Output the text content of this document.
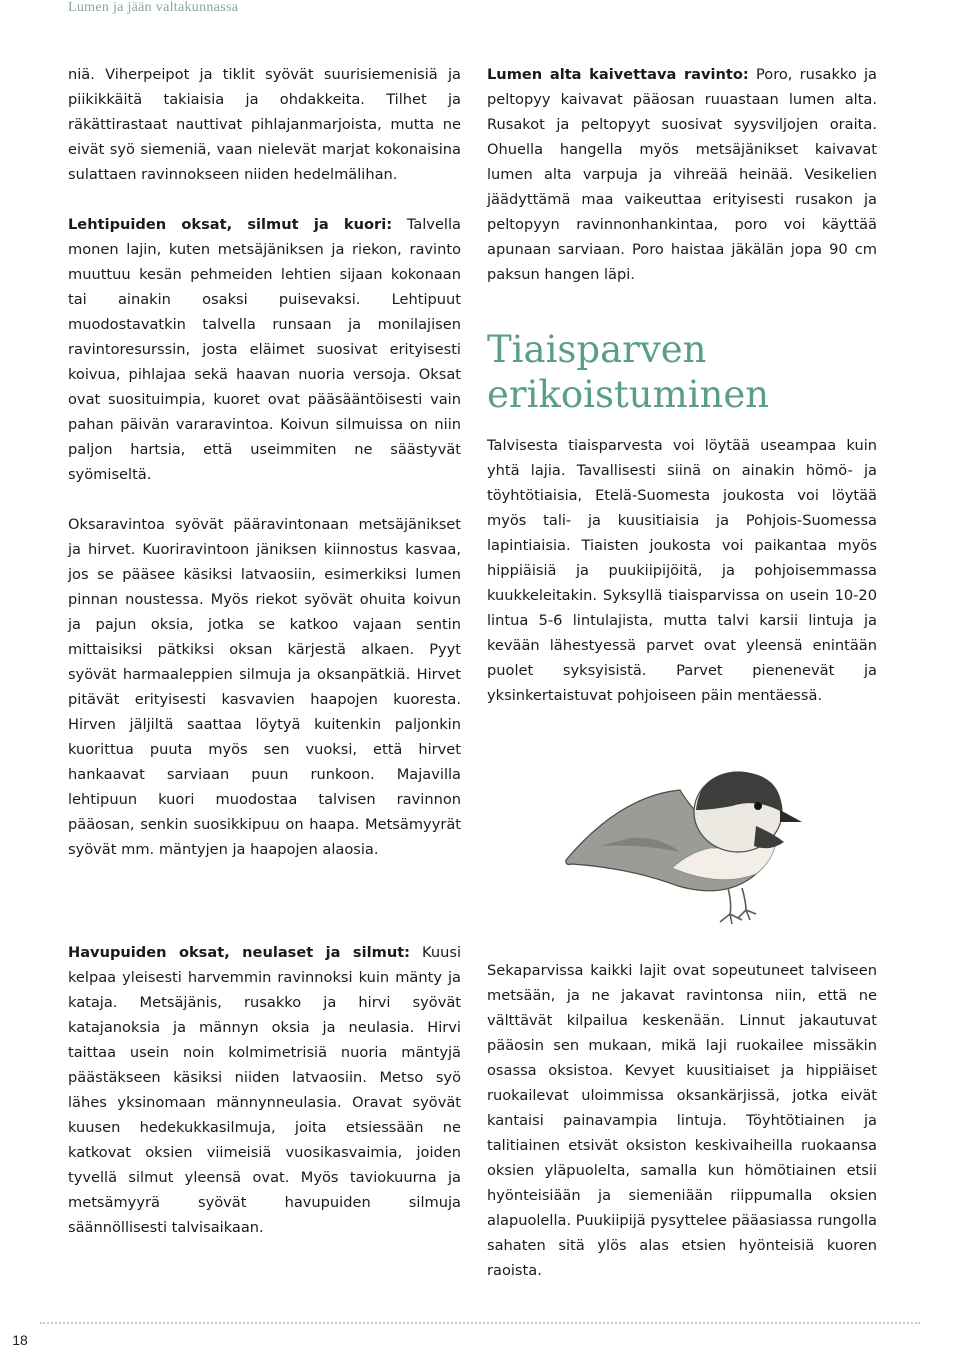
Lumen ja jään valtakunnassa

niä. Viherpeipot ja tiklit syövät suurisiemenisiä ja piikikkäitä takiaisia ja ohdakkeita. Tilhet ja räkättirastaat nauttivat pihlajanmarjoista, mutta ne eivät syö siemeniä, vaan nielevät marjat kokonaisina sulattaen ravinnokseen niiden hedelmälihan.

Lehtipuiden oksat, silmut ja kuori: Talvella monen lajin, kuten metsäjäniksen ja riekon, ravinto muuttuu kesän pehmeiden lehtien sijaan kokonaan tai ainakin osaksi puisevaksi. Lehtipuut muodostavatkin talvella runsaan ja monilajisen ravintoresurssin, josta eläimet suosivat erityisesti koivua, pihlajaa sekä haavan nuoria versoja. Oksat ovat suosituimpia, kuoret ovat pääsääntöisesti vain pahan päivän vararavintoa. Koivun silmuissa on niin paljon hartsia, että useimmiten ne säästyvät syömiseltä.

Oksaravintoa syövät pääravintonaan metsäjänikset ja hirvet. Kuoriravintoon jäniksen kiinnostus kasvaa, jos se pääsee käsiksi latvaosiin, esimerkiksi lumen pinnan noustessa. Myös riekot syövät ohuita koivun ja pajun oksia, jotka se katkoo vajaan sentin mittaisiksi pätkiksi oksan kärjestä alkaen. Pyyt syövät harmaaleppien silmuja ja oksanpätkiä. Hirvet pitävät erityisesti kasvavien haapojen kuoresta. Hirven jäljiltä saattaa löytyä kuitenkin paljonkin kuorittua puuta myös sen vuoksi, että hirvet hankaavat sarviaan puun runkoon. Majavilla lehtipuun kuori muodostaa talvisen ravinnon pääosan, senkin suosikkipuu on haapa. Metsämyyrät syövät mm. mäntyjen ja haapojen alaosia.

Havupuiden oksat, neulaset ja silmut: Kuusi kelpaa yleisesti harvemmin ravinnoksi kuin mänty ja kataja. Metsäjänis, rusakko ja hirvi syövät katajanoksia ja männyn oksia ja neulasia. Hirvi taittaa usein noin kolmimetrisiä nuoria mäntyjä päästäkseen käsiksi niiden latvaosiin. Metso syö lähes yksinomaan männynneulasia. Oravat syövät kuusen hedekukkasilmuja, joita etsiessään ne katkovat oksien viimeisiä vuosikasvaimia, joiden tyvellä silmut yleensä ovat. Myös taviokuurna ja metsämyyrä syövät havupuiden silmuja säännöllisesti talvisaikaan.

Lumen alta kaivettava ravinto: Poro, rusakko ja peltopyy kaivavat pääosan ruuastaan lumen alta. Rusakot ja peltopyyt suosivat syysviljojen oraita. Ohuella hangella myös metsäjänikset kaivavat lumen alta varpuja ja vihreää heinää. Vesikelien jäädyttämä maa vaikeuttaa erityisesti rusakon ja peltopyyn ravinnonhankintaa, poro voi käyttää apunaan sarviaan. Poro haistaa jäkälän jopa 90 cm paksun hangen läpi.

Tiaisparven
erikoistuminen

Talvisesta tiaisparvesta voi löytää useampaa kuin yhtä lajia. Tavallisesti siinä on ainakin hömö- ja töyhtötiaisia, Etelä-Suomesta joukosta voi löytää myös tali- ja kuusitiaisia ja Pohjois-Suomessa lapintiaisia. Tiaisten joukosta voi paikantaa myös hippiäisiä ja puukiipijöitä, ja pohjoisemmassa kuukkeleitakin. Syksyllä tiaisparvissa on usein 10-20 lintua 5-6 lintulajista, mutta talvi karsii lintuja ja kevään lähestyessä parvet ovat yleensä enintään puolet syksyisistä. Parvet pienenevät ja yksinkertaistuvat pohjoiseen päin mentäessä.

Sekaparvissa kaikki lajit ovat sopeutuneet talviseen metsään, ja ne jakavat ravintonsa niin, että ne välttävät kilpailua keskenään. Linnut jakautuvat pääosin sen mukaan, mikä laji ruokailee missäkin osassa oksistoa. Kevyet kuusitiaiset ja hippiäiset ruokailevat uloimmissa oksankärjissä, jotka eivät kantaisi painavampia lintuja. Töyhtötiainen ja talitiainen etsivät oksiston keskivaiheilla ruokaansa oksien yläpuolelta, samalla kun hömötiainen etsii hyönteisiään ja siemeniään riippumalla oksien alapuolella. Puukiipijä pysyttelee pääasiassa rungolla sahaten sitä ylös alas etsien hyönteisiä kuoren raoista.

18
